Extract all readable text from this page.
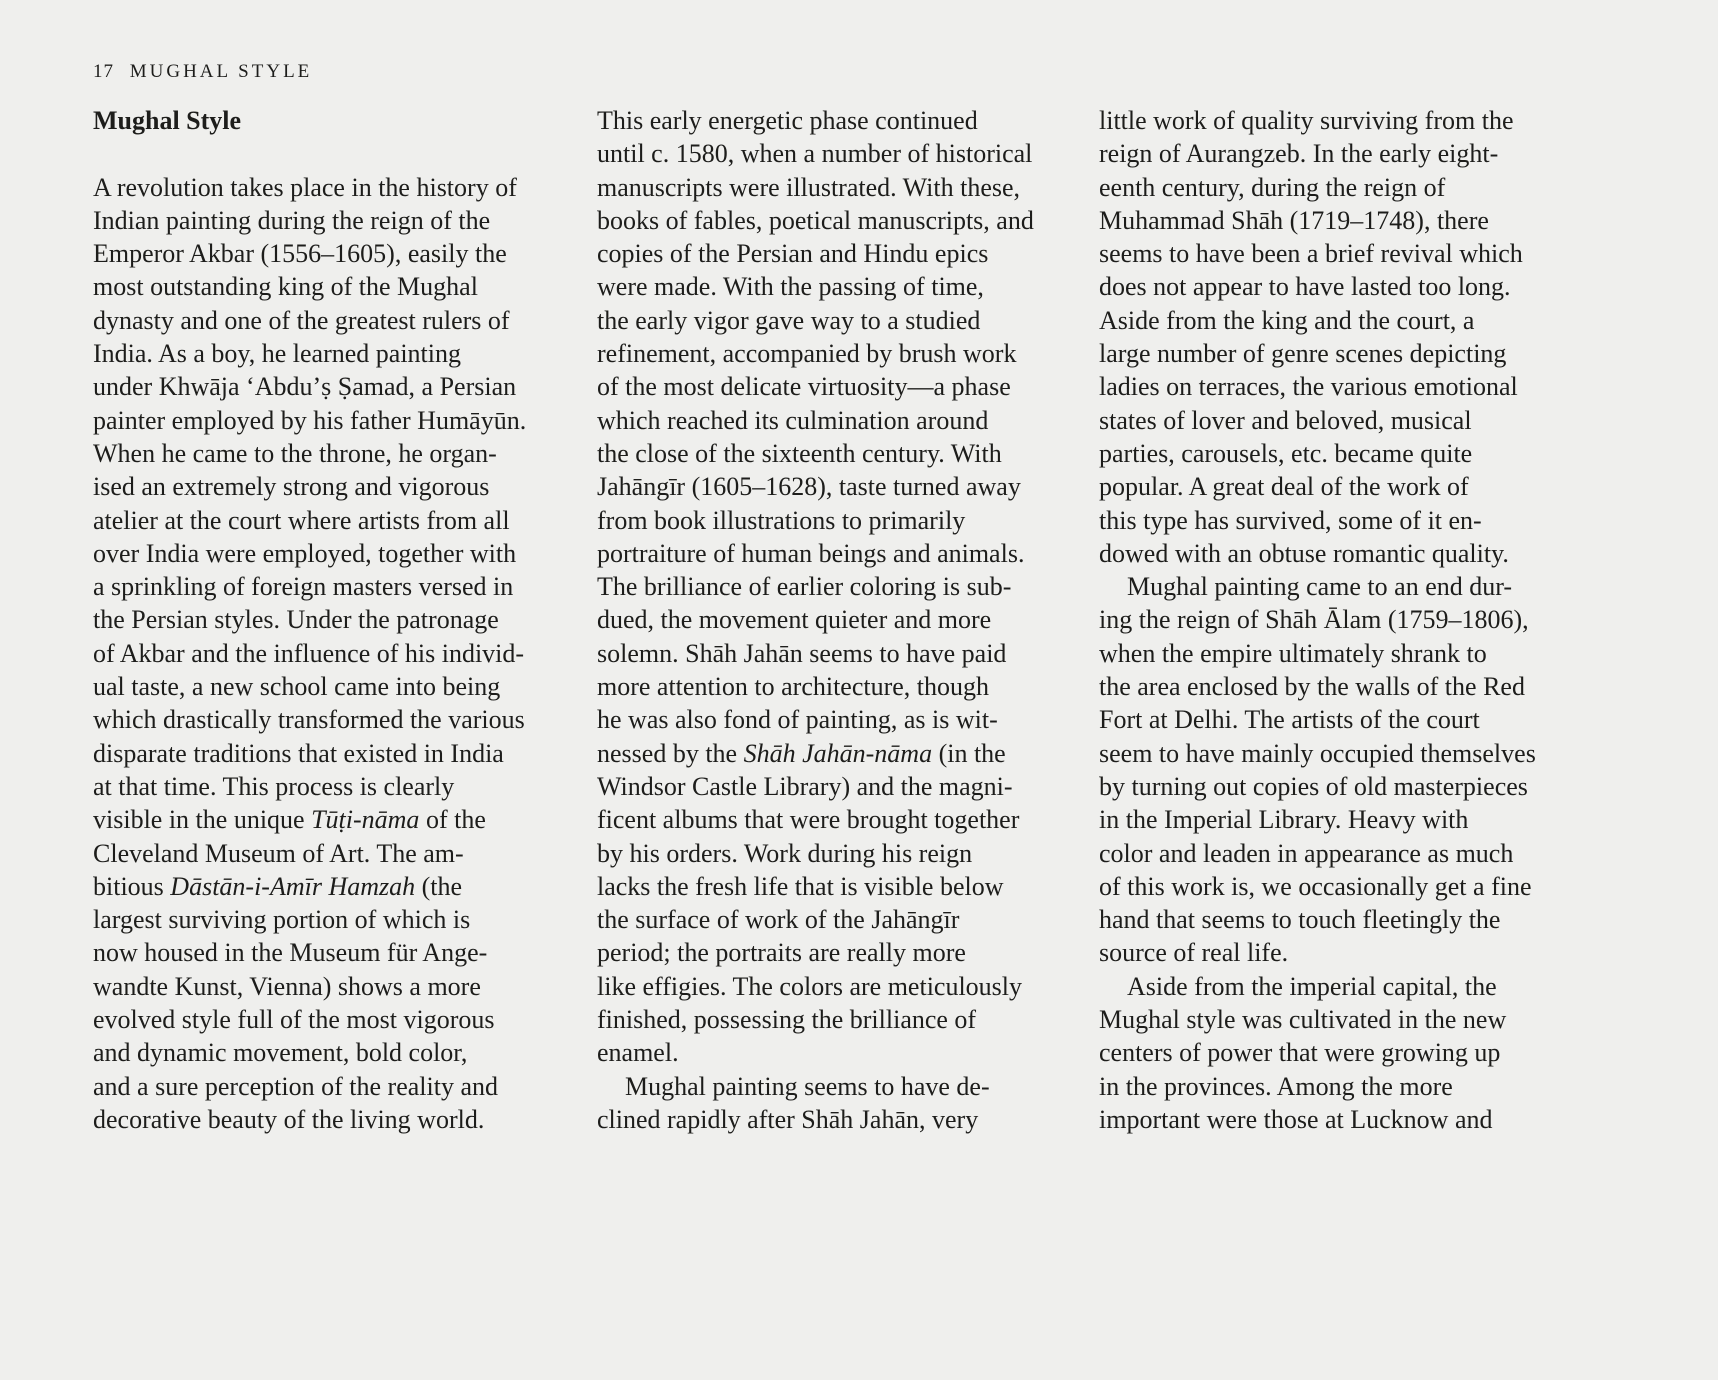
17 MUGHAL STYLE
Mughal Style
A revolution takes place in the history of
Indian painting during the reign of the
Emperor Akbar (1556–1605), easily the
most outstanding king of the Mughal
dynasty and one of the greatest rulers of
India. As a boy, he learned painting
under Khwāja ‘Abdu’ṣ Ṣamad, a Persian
painter employed by his father Humāyūn.
When he came to the throne, he organ-
ised an extremely strong and vigorous
atelier at the court where artists from all
over India were employed, together with
a sprinkling of foreign masters versed in
the Persian styles. Under the patronage
of Akbar and the influence of his individ-
ual taste, a new school came into being
which drastically transformed the various
disparate traditions that existed in India
at that time. This process is clearly
visible in the unique Tūṭi-nāma of the
Cleveland Museum of Art. The am-
bitious Dāstān-i-Amīr Hamzah (the
largest surviving portion of which is
now housed in the Museum für Ange-
wandte Kunst, Vienna) shows a more
evolved style full of the most vigorous
and dynamic movement, bold color,
and a sure perception of the reality and
decorative beauty of the living world.
This early energetic phase continued
until c. 1580, when a number of historical
manuscripts were illustrated. With these,
books of fables, poetical manuscripts, and
copies of the Persian and Hindu epics
were made. With the passing of time,
the early vigor gave way to a studied
refinement, accompanied by brush work
of the most delicate virtuosity—a phase
which reached its culmination around
the close of the sixteenth century. With
Jahāngīr (1605–1628), taste turned away
from book illustrations to primarily
portraiture of human beings and animals.
The brilliance of earlier coloring is sub-
dued, the movement quieter and more
solemn. Shāh Jahān seems to have paid
more attention to architecture, though
he was also fond of painting, as is wit-
nessed by the Shāh Jahān-nāma (in the
Windsor Castle Library) and the magni-
ficent albums that were brought together
by his orders. Work during his reign
lacks the fresh life that is visible below
the surface of work of the Jahāngīr
period; the portraits are really more
like effigies. The colors are meticulously
finished, possessing the brilliance of
enamel.
Mughal painting seems to have de-
clined rapidly after Shāh Jahān, very
little work of quality surviving from the
reign of Aurangzeb. In the early eight-
eenth century, during the reign of
Muhammad Shāh (1719–1748), there
seems to have been a brief revival which
does not appear to have lasted too long.
Aside from the king and the court, a
large number of genre scenes depicting
ladies on terraces, the various emotional
states of lover and beloved, musical
parties, carousels, etc. became quite
popular. A great deal of the work of
this type has survived, some of it en-
dowed with an obtuse romantic quality.
Mughal painting came to an end dur-
ing the reign of Shāh Ālam (1759–1806),
when the empire ultimately shrank to
the area enclosed by the walls of the Red
Fort at Delhi. The artists of the court
seem to have mainly occupied themselves
by turning out copies of old masterpieces
in the Imperial Library. Heavy with
color and leaden in appearance as much
of this work is, we occasionally get a fine
hand that seems to touch fleetingly the
source of real life.
Aside from the imperial capital, the
Mughal style was cultivated in the new
centers of power that were growing up
in the provinces. Among the more
important were those at Lucknow and
